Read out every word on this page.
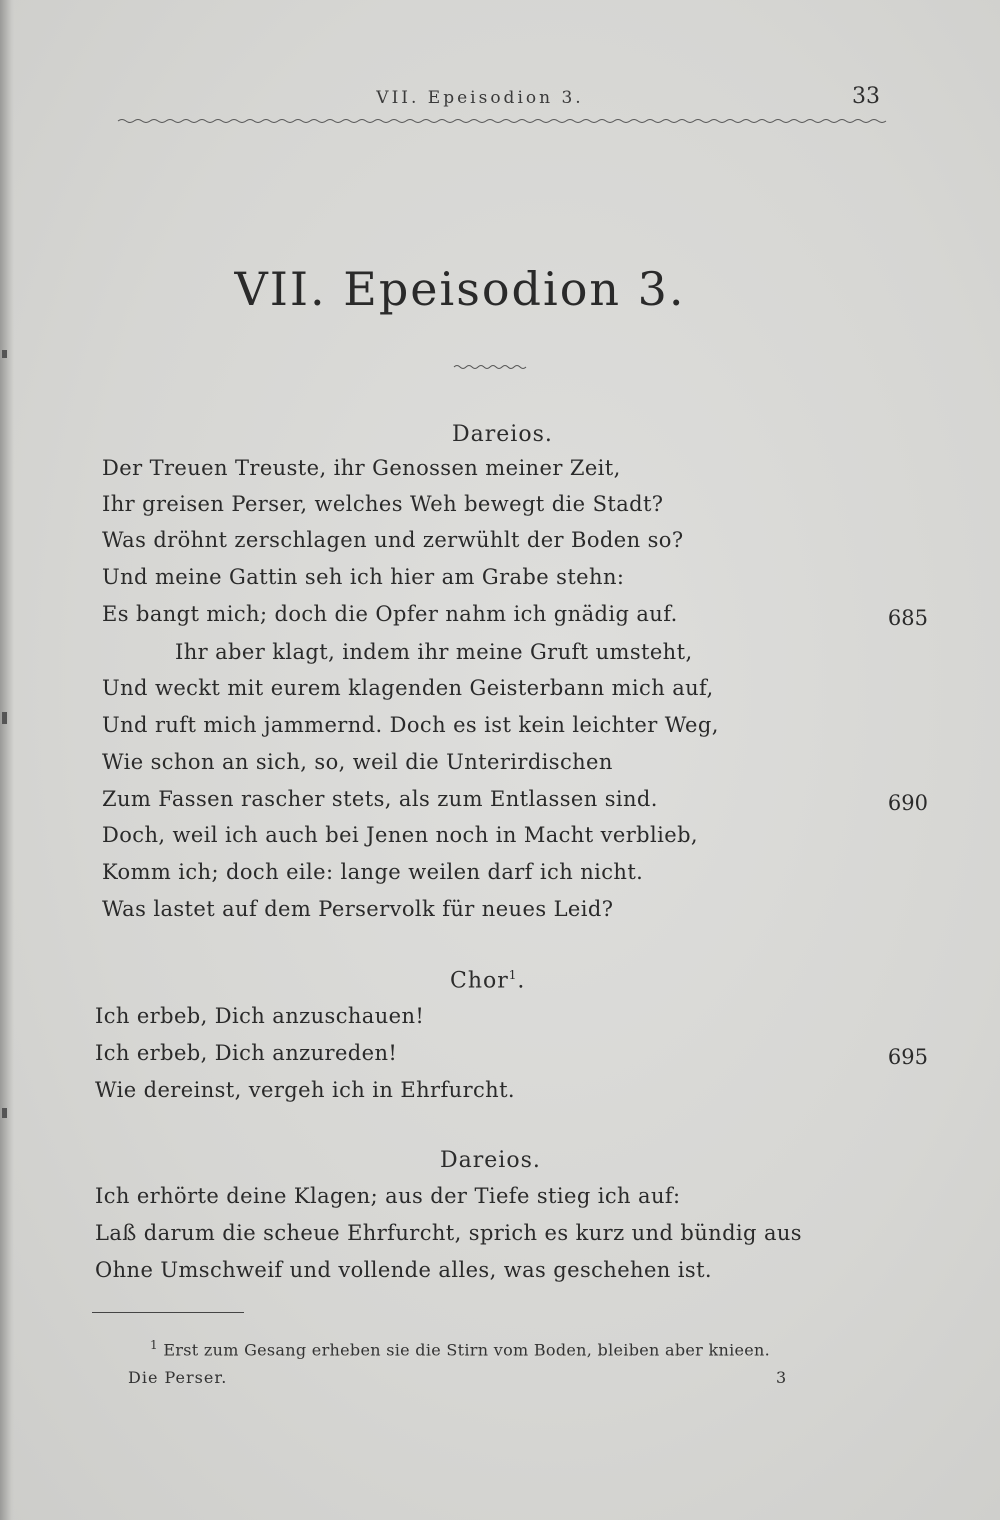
VII. Epeisodion 3.	33
VII. Epeisodion 3.
Dareios.
Der Treuen Treuste, ihr Genossen meiner Zeit,
Ihr greisen Perser, welches Weh bewegt die Stadt?
Was dröhnt zerschlagen und zerwühlt der Boden so?
Und meine Gattin seh ich hier am Grabe stehn:
Es bangt mich; doch die Opfer nahm ich gnädig auf.	685
Ihr aber klagt, indem ihr meine Gruft umsteht,
Und weckt mit eurem klagenden Geisterbann mich auf,
Und ruft mich jammernd. Doch es ist kein leichter Weg,
Wie schon an sich, so, weil die Unterirdischen
Zum Fassen rascher stets, als zum Entlassen sind.	690
Doch, weil ich auch bei Jenen noch in Macht verblieb,
Komm ich; doch eile: lange weilen darf ich nicht.
Was lastet auf dem Perservolk für neues Leid?
Chor$^1$.
Ich erbeb, Dich anzuschauen!
Ich erbeb, Dich anzureden!	695
Wie dereinst, vergeh ich in Ehrfurcht.
Dareios.
Ich erhörte deine Klagen; aus der Tiefe stieg ich auf:
Laß darum die scheue Ehrfurcht, sprich es kurz und bündig aus
Ohne Umschweif und vollende alles, was geschehen ist.
$^1$ Erst zum Gesang erheben sie die Stirn vom Boden, bleiben aber knieen.
Die Perser.	3
